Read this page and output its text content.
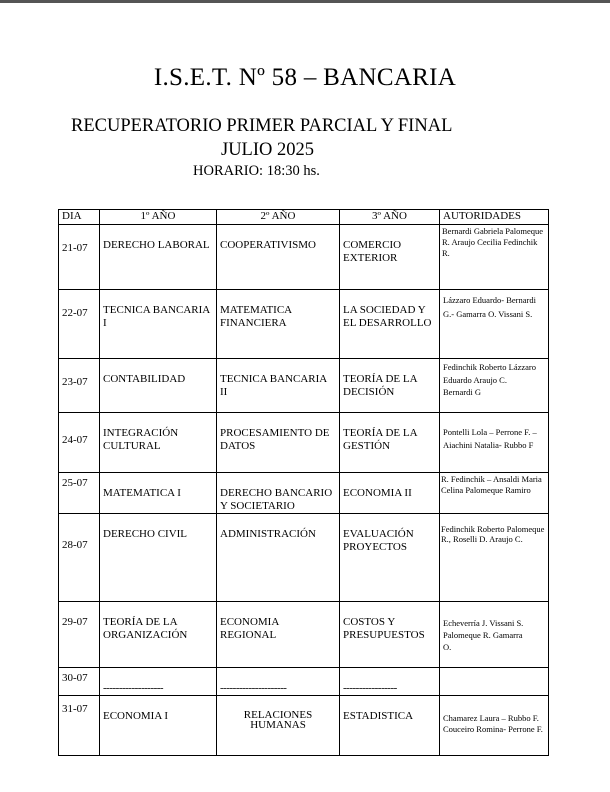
I.S.E.T. Nº 58 – BANCARIA
RECUPERATORIO PRIMER PARCIAL Y FINAL
JULIO 2025
HORARIO: 18:30 hs.
DIA	1º AÑO	2º AÑO	3º AÑO	AUTORIDADES
21-07	DERECHO LABORAL	COOPERATIVISMO	COMERCIO EXTERIOR	Bernardi Gabriela Palomeque R. Araujo Cecilia Fedinchik R.
22-07	TECNICA BANCARIA I	MATEMATICA FINANCIERA	LA SOCIEDAD Y EL DESARROLLO	Lázzaro Eduardo- Bernardi G.- Gamarra O. Vissani S.
23-07	CONTABILIDAD	TECNICA BANCARIA II	TEORÍA DE LA DECISIÓN	Fedinchik Roberto Lázzaro Eduardo Araujo C. Bernardi G
24-07	INTEGRACIÓN CULTURAL	PROCESAMIENTO DE DATOS	TEORÍA DE LA GESTIÓN	Pontelli Lola – Perrone F. – Aiachini Natalia- Rubbo F
25-07	MATEMATICA I	DERECHO BANCARIO Y SOCIETARIO	ECONOMIA II	R. Fedinchik – Ansaldi Maria Celina Palomeque Ramiro
28-07	DERECHO CIVIL	ADMINISTRACIÓN	EVALUACIÓN PROYECTOS	Fedinchik Roberto Palomeque R., Roselli D. Araujo C.
29-07	TEORÍA DE LA ORGANIZACIÓN	ECONOMIA REGIONAL	COSTOS Y PRESUPUESTOS	Echeverría J. Vissani S. Palomeque R. Gamarra O.
30-07	-------------------	---------------------	-----------------	
31-07	ECONOMIA I	RELACIONES HUMANAS	ESTADISTICA	Chamarez Laura – Rubbo F. Couceiro Romina- Perrone F.
